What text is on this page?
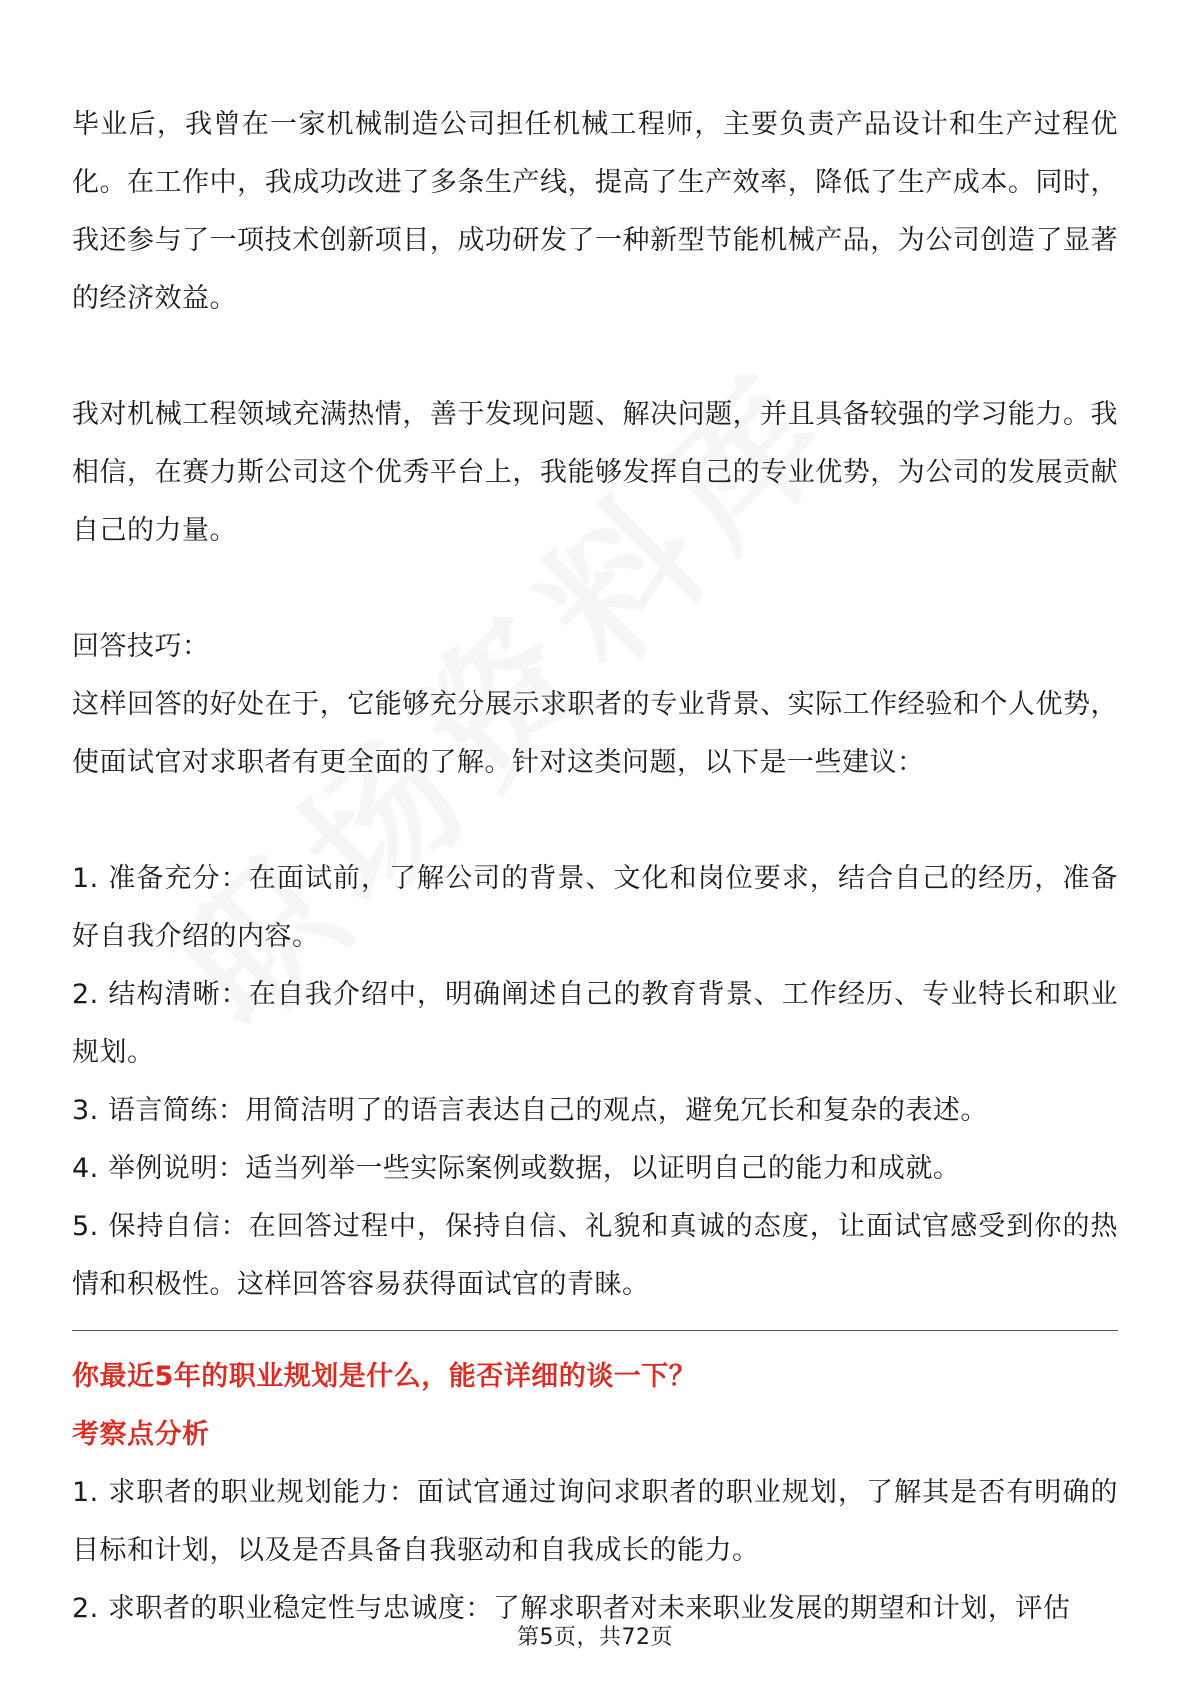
毕业后，我曾在一家机械制造公司担任机械工程师，主要负责产品设计和生产过程优化。在工作中，我成功改进了多条生产线，提高了生产效率，降低了生产成本。同时，我还参与了一项技术创新项目，成功研发了一种新型节能机械产品，为公司创造了显著的经济效益。

我对机械工程领域充满热情，善于发现问题、解决问题，并且具备较强的学习能力。我相信，在赛力斯公司这个优秀平台上，我能够发挥自己的专业优势，为公司的发展贡献自己的力量。

回答技巧：

这样回答的好处在于，它能够充分展示求职者的专业背景、实际工作经验和个人优势，使面试官对求职者有更全面的了解。针对这类问题，以下是一些建议：

1. 准备充分：在面试前，了解公司的背景、文化和岗位要求，结合自己的经历，准备好自我介绍的内容。

2. 结构清晰：在自我介绍中，明确阐述自己的教育背景、工作经历、专业特长和职业规划。

3. 语言简练：用简洁明了的语言表达自己的观点，避免冗长和复杂的表述。

4. 举例说明：适当列举一些实际案例或数据，以证明自己的能力和成就。

5. 保持自信：在回答过程中，保持自信、礼貌和真诚的态度，让面试官感受到你的热情和积极性。这样回答容易获得面试官的青睐。

你最近5年的职业规划是什么，能否详细的谈一下？

考察点分析

1. 求职者的职业规划能力：面试官通过询问求职者的职业规划，了解其是否有明确的目标和计划，以及是否具备自我驱动和自我成长的能力。

2. 求职者的职业稳定性与忠诚度：了解求职者对未来职业发展的期望和计划，评估

第5页，共72页
